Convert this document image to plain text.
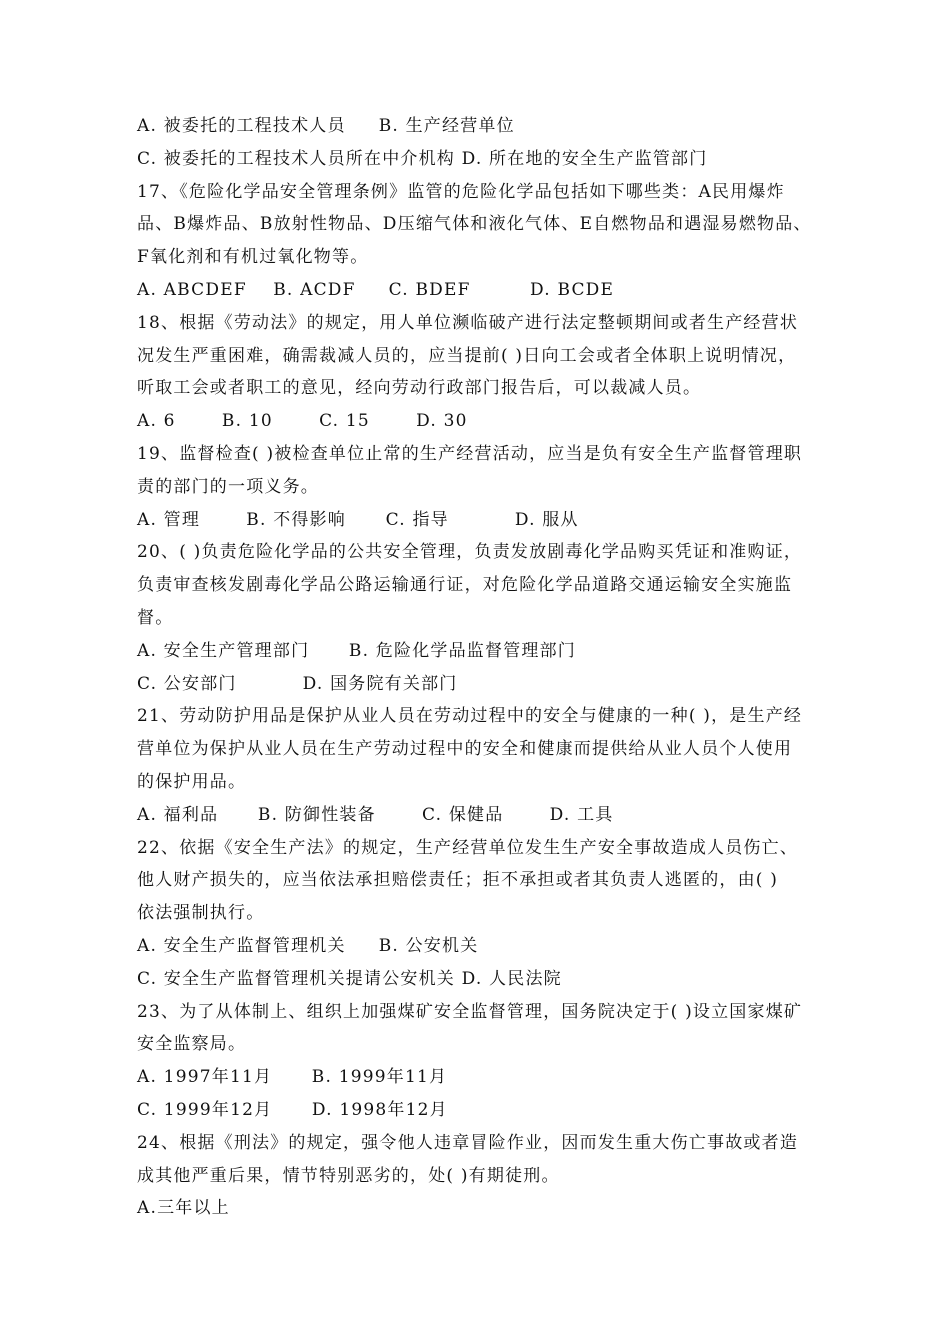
A. 被委托的工程技术人员     B. 生产经营单位
C. 被委托的工程技术人员所在中介机构 D. 所在地的安全生产监管部门
17、《危险化学品安全管理条例》监管的危险化学品包括如下哪些类：A民用爆炸
品、B爆炸品、B放射性物品、D压缩气体和液化气体、E自燃物品和遇湿易燃物品、
F氧化剂和有机过氧化物等。
A. ABCDEF    B. ACDF     C. BDEF         D. BCDE
18、根据《劳动法》的规定，用人单位濒临破产进行法定整顿期间或者生产经营状
况发生严重困难，确需裁减人员的，应当提前( )日向工会或者全体职上说明情况，
听取工会或者职工的意见，经向劳动行政部门报告后，可以裁减人员。
A. 6       B. 10       C. 15       D. 30
19、监督检查( )被检查单位止常的生产经营活动，应当是负有安全生产监督管理职
责的部门的一项义务。
A. 管理       B. 不得影响      C. 指导          D. 服从
20、( )负责危险化学品的公共安全管理，负责发放剧毒化学品购买凭证和准购证，
负责审查核发剧毒化学品公路运输通行证，对危险化学品道路交通运输安全实施监
督。
A. 安全生产管理部门      B. 危险化学品监督管理部门
C. 公安部门          D. 国务院有关部门
21、劳动防护用品是保护从业人员在劳动过程中的安全与健康的一种( )，是生产经
营单位为保护从业人员在生产劳动过程中的安全和健康而提供给从业人员个人使用
的保护用品。
A. 福利品      B. 防御性装备       C. 保健品       D. 工具
22、依据《安全生产法》的规定，生产经营单位发生生产安全事故造成人员伤亡、
他人财产损失的，应当依法承担赔偿责任；拒不承担或者其负责人逃匿的，由( )
依法强制执行。
A. 安全生产监督管理机关     B. 公安机关
C. 安全生产监督管理机关提请公安机关 D. 人民法院
23、为了从体制上、组织上加强煤矿安全监督管理，国务院决定于( )设立国家煤矿
安全监察局。
A. 1997年11月      B. 1999年11月
C. 1999年12月      D. 1998年12月
24、根据《刑法》的规定，强令他人违章冒险作业，因而发生重大伤亡事故或者造
成其他严重后果，情节特别恶劣的，处( )有期徒刑。
A.三年以上
